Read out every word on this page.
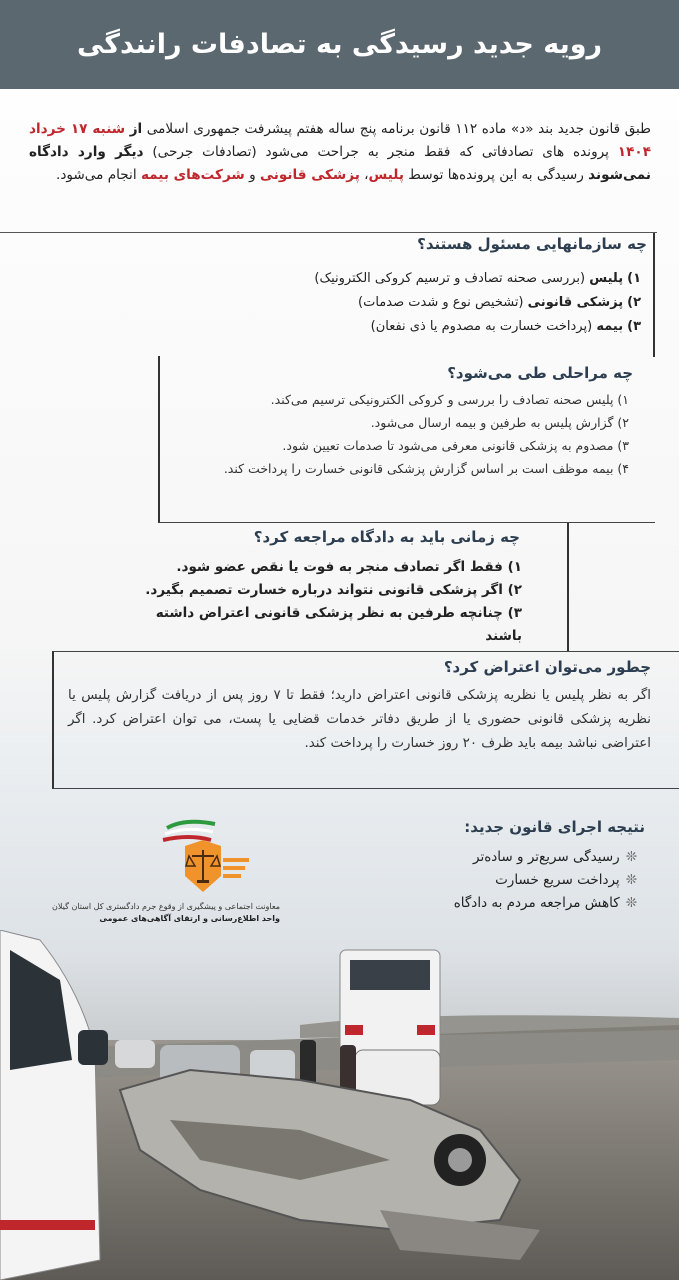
رویه جدید رسیدگی به تصادفات رانندگی
طبق قانون جدید بند «د» ماده ۱۱۲ قانون برنامه پنج ساله هفتم پیشرفت جمهوری اسلامی از شنبه ۱۷ خرداد ۱۴۰۴ پرونده های تصادفاتی که فقط منجر به جراحت می‌شود (تصادفات جرحی) دیگر وارد دادگاه نمی‌شوند رسیدگی به این پرونده‌ها توسط پلیس، پزشکی قانونی و شرکت‌های بیمه انجام می‌شود.
چه سازمانهایی مسئول هستند؟
۱)پلیس (بررسی صحنه تصادف و ترسیم کروکی الکترونیک)
۲)پزشکی قانونی (تشخیص نوع و شدت صدمات)
۳)بیمه (پرداخت خسارت به مصدوم یا ذی نفعان)
چه مراحلی طی می‌شود؟
۱) پلیس صحنه تصادف را بررسی و کروکی الکترونیکی ترسیم می‌کند.
۲) گزارش پلیس به طرفین و بیمه ارسال می‌شود.
۳) مصدوم به پزشکی قانونی معرفی می‌شود تا صدمات تعیین شود.
۴) بیمه موظف است بر اساس گزارش پزشکی قانونی خسارت را پرداخت کند.
چه زمانی باید به دادگاه مراجعه کرد؟
۱) فقط اگر تصادف منجر به فوت یا نقص عضو شود.
۲) اگر پزشکی قانونی نتواند درباره خسارت تصمیم بگیرد.
۳) چنانچه طرفین به نظر پزشکی قانونی اعتراض داشته باشند
چطور می‌توان اعتراض کرد؟

اگر به نظر پلیس یا نظریه پزشکی قانونی اعتراض دارید؛ فقط تا ۷ روز پس از دریافت گزارش پلیس یا نظریه پزشکی قانونی حضوری یا از طریق دفاتر خدمات قضایی یا پست، می توان اعتراض کرد. اگر اعتراضی نباشد بیمه باید ظرف ۲۰ روز خسارت را پرداخت کند.

نتیجه اجرای قانون جدید:
❊رسیدگی سریع‌تر و ساده‌تر
❊پرداخت سریع خسارت
❊کاهش مراجعه مردم به دادگاه
معاونت اجتماعی و پیشگیری از وقوع جرم دادگستری کل استان گیلان
واحد اطلاع‌رسانی و ارتقای آگاهی‌های عمومی
